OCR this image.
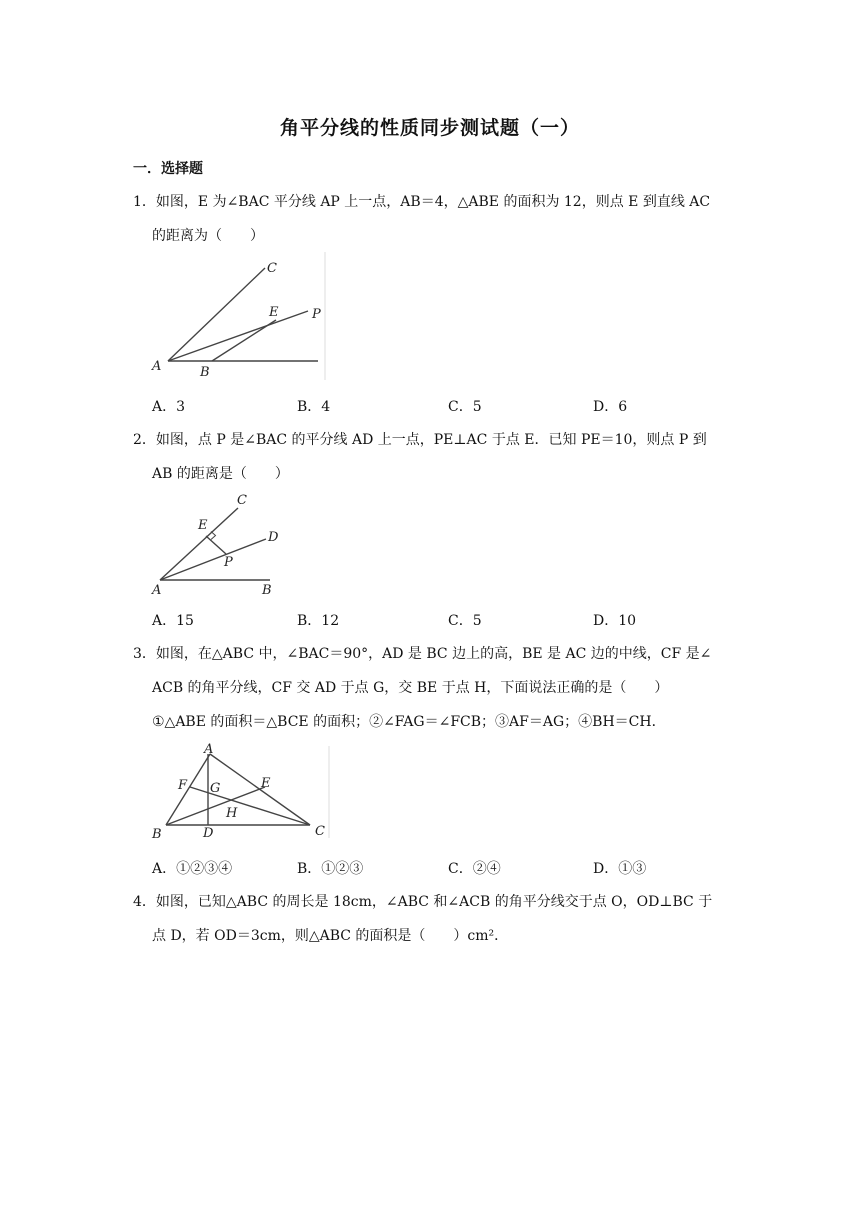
角平分线的性质同步测试题（一）
一．选择题
1．如图，E 为∠BAC 平分线 AP 上一点，AB＝4，△ABE 的面积为 12，则点 E 到直线 AC
的距离为（　　）
C
E	P
A	B
A．3	B．4	C．5	D．6
2．如图，点 P 是∠BAC 的平分线 AD 上一点，PE⊥AC 于点 E．已知 PE＝10，则点 P 到
AB 的距离是（　　）
C
E
D
P
A	B
A．15	B．12	C．5	D．10
3．如图，在△ABC 中，∠BAC＝90°，AD 是 BC 边上的高，BE 是 AC 边的中线，CF 是∠
ACB 的角平分线，CF 交 AD 于点 G，交 BE 于点 H，下面说法正确的是（　　）
①△ABE 的面积＝△BCE 的面积；②∠FAG＝∠FCB；③AF＝AG；④BH＝CH．
A
F G	E
H
B	D	C
A．①②③④	B．①②③	C．②④	D．①③
4．如图，已知△ABC 的周长是 18cm，∠ABC 和∠ACB 的角平分线交于点 O，OD⊥BC 于
点 D，若 OD＝3cm，则△ABC 的面积是（　　）cm²．
